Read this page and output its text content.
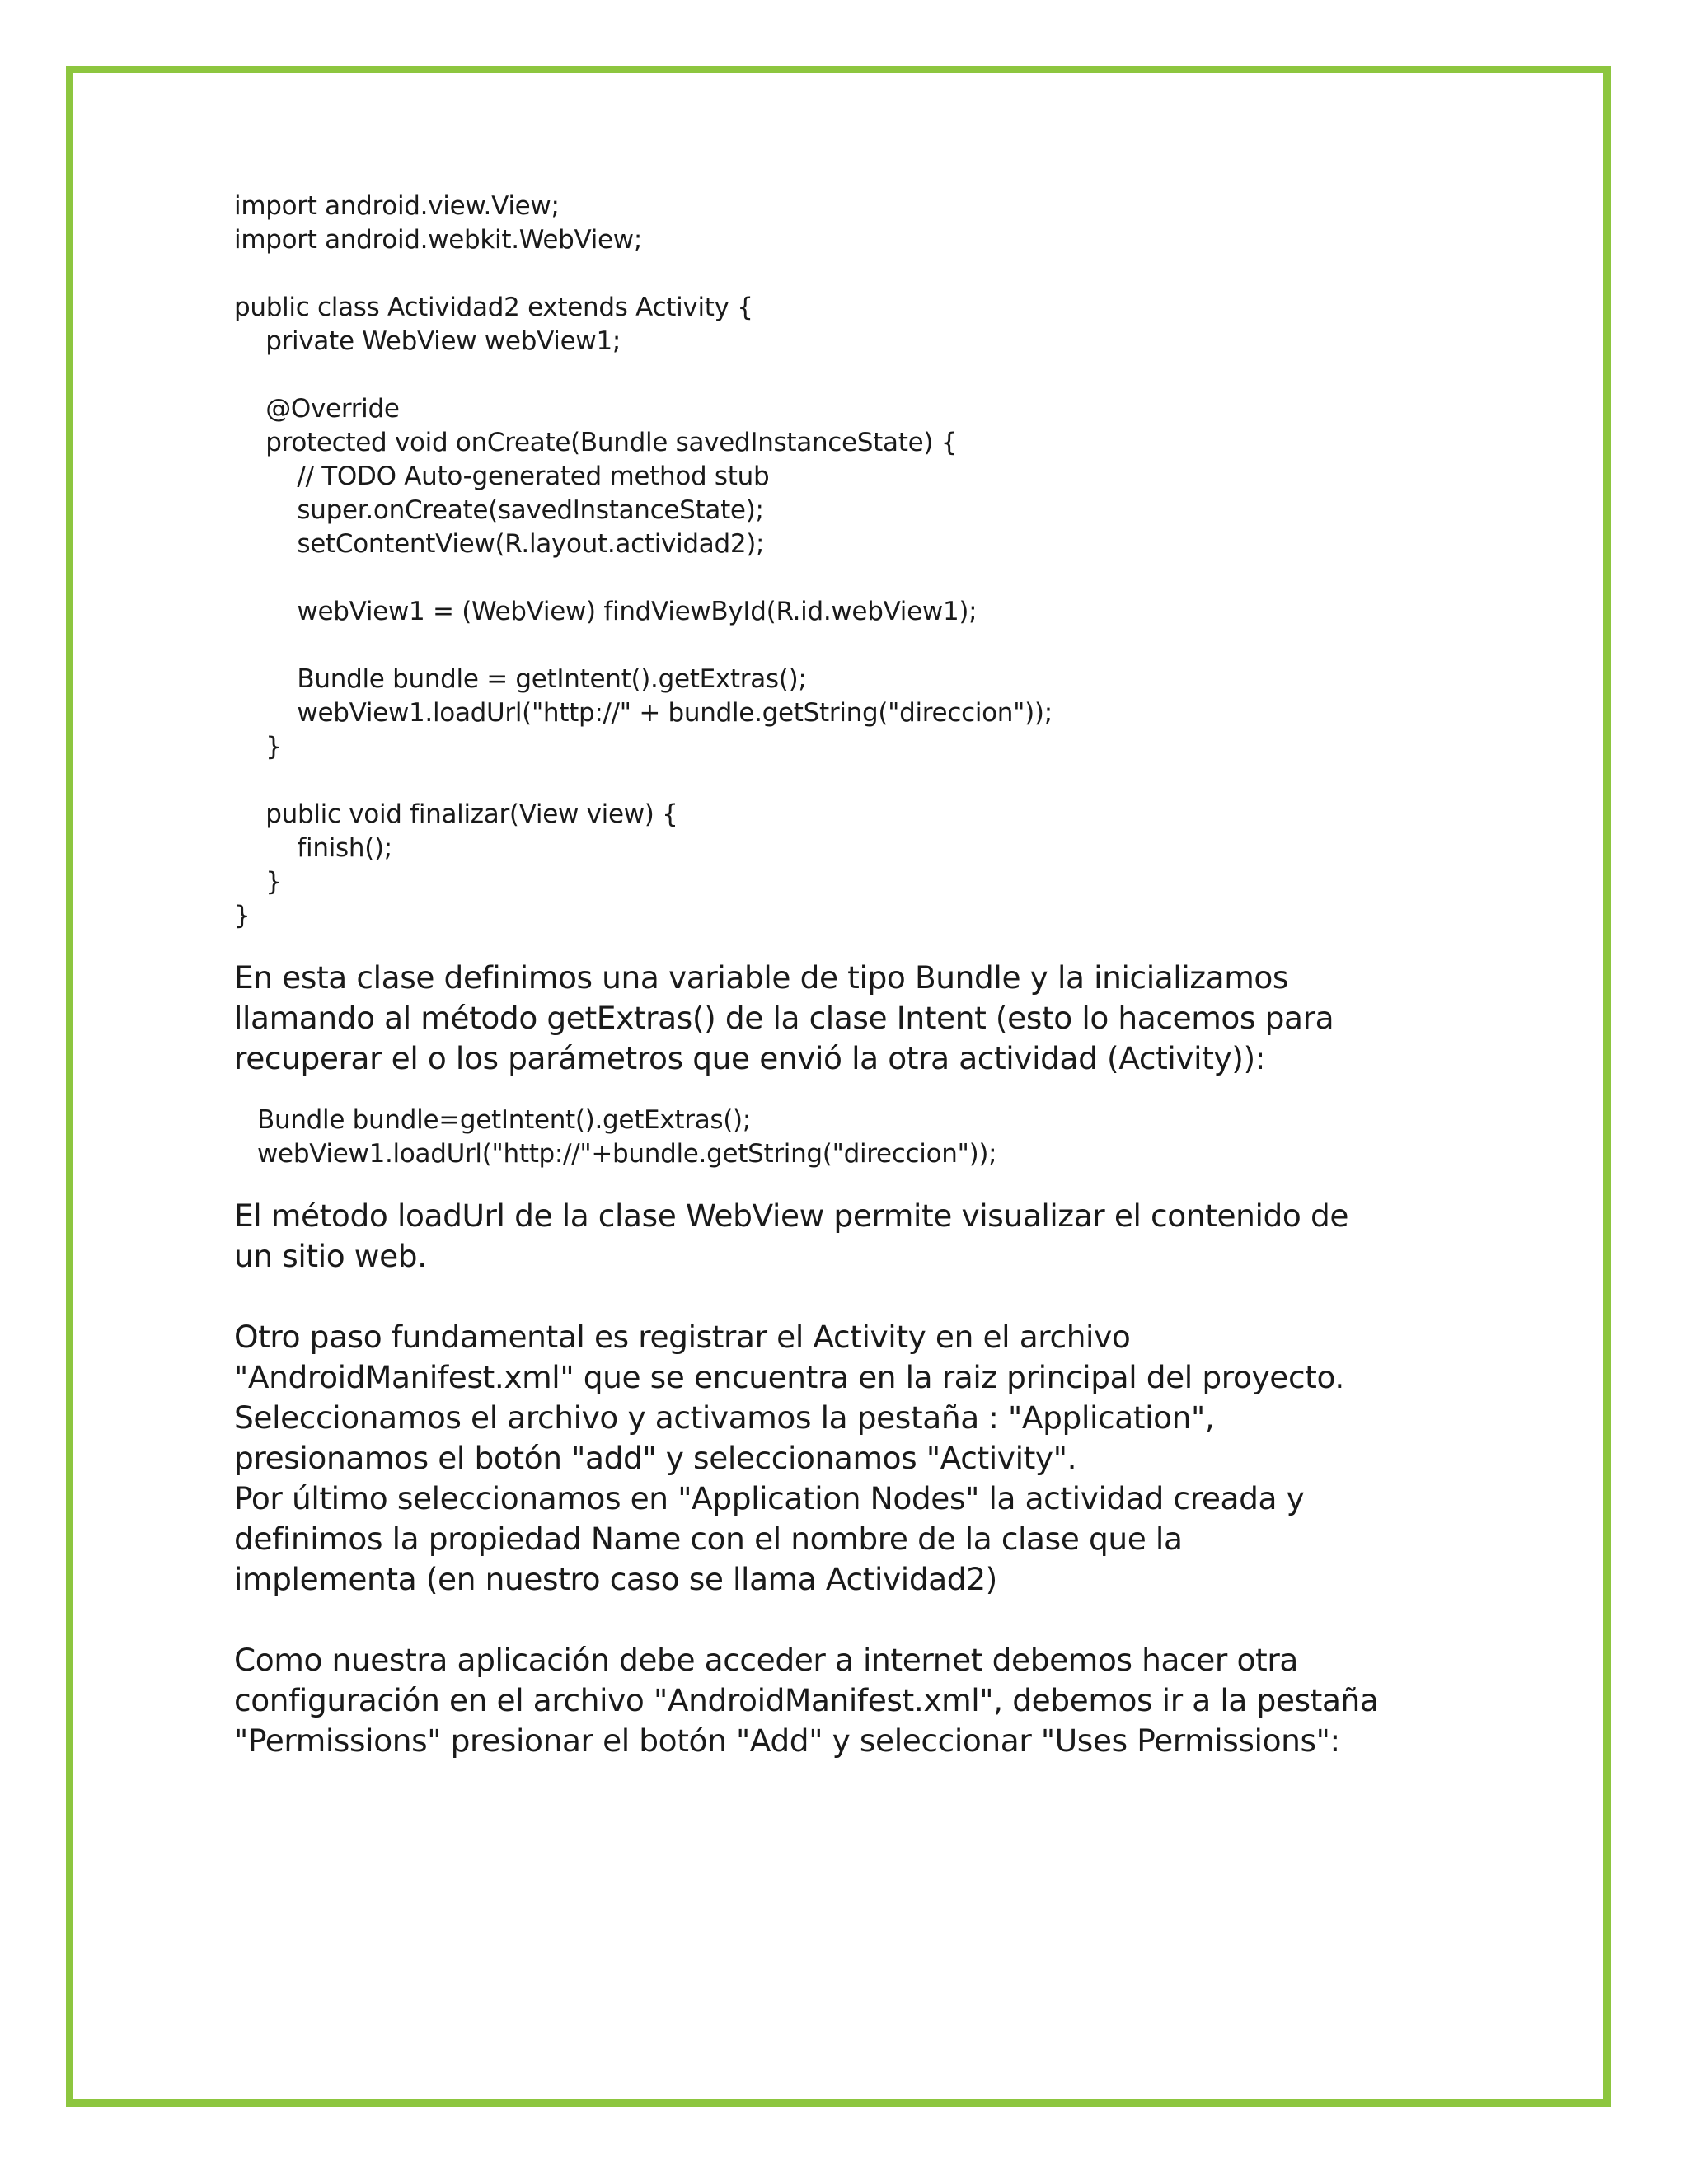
import android.view.View;
import android.webkit.WebView;
public class Actividad2 extends Activity {
private WebView webView1;
@Override
protected void onCreate(Bundle savedInstanceState) {
// TODO Auto-generated method stub
super.onCreate(savedInstanceState);
setContentView(R.layout.actividad2);
webView1 = (WebView) findViewById(R.id.webView1);
Bundle bundle = getIntent().getExtras();
webView1.loadUrl("http://" + bundle.getString("direccion"));
}
public void finalizar(View view) {
finish();
}
}

En esta clase definimos una variable de tipo Bundle y la inicializamos
llamando al método getExtras() de la clase Intent (esto lo hacemos para
recuperar el o los parámetros que envió la otra actividad (Activity)):

Bundle bundle=getIntent().getExtras();
webView1.loadUrl("http://"+bundle.getString("direccion"));

El método loadUrl de la clase WebView permite visualizar el contenido de
un sitio web.

Otro paso fundamental es registrar el Activity en el archivo
"AndroidManifest.xml" que se encuentra en la raiz principal del proyecto.
Seleccionamos el archivo y activamos la pestaña : "Application",
presionamos el botón "add" y seleccionamos "Activity".
Por último seleccionamos en "Application Nodes" la actividad creada y
definimos la propiedad Name con el nombre de la clase que la
implementa (en nuestro caso se llama Actividad2)

Como nuestra aplicación debe acceder a internet debemos hacer otra
configuración en el archivo "AndroidManifest.xml", debemos ir a la pestaña
"Permissions" presionar el botón "Add" y seleccionar "Uses Permissions":
